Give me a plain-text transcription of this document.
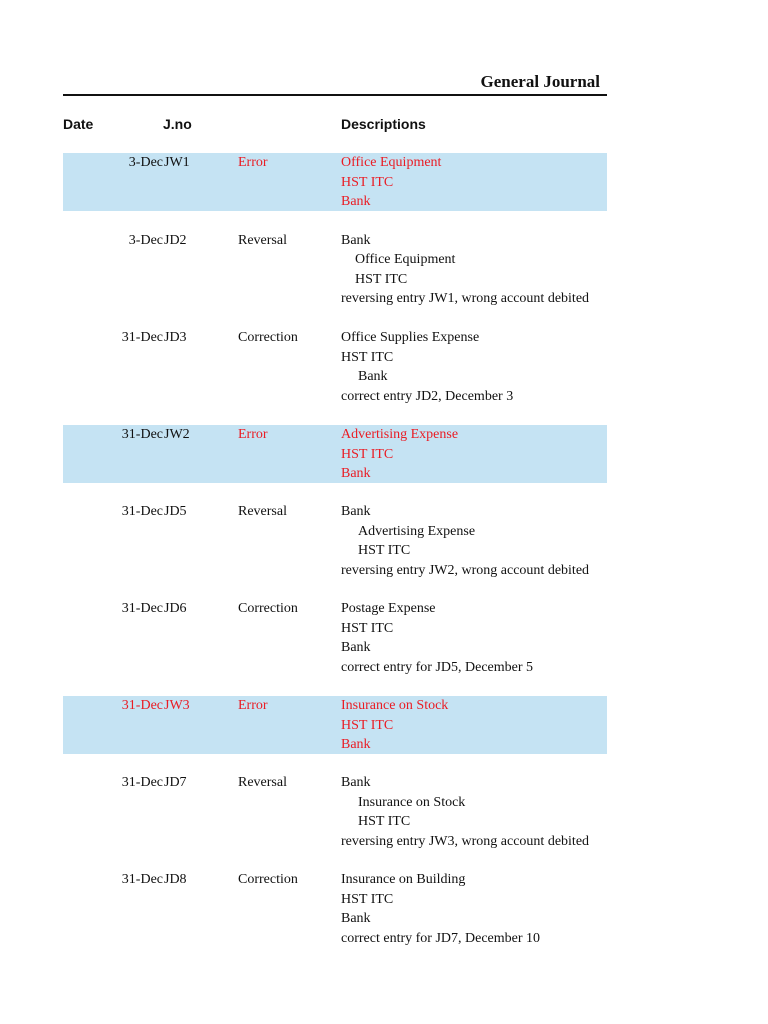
General Journal
Date	J.no	Descriptions
3-Dec JW1	Error	Office Equipment
HST ITC
Bank
3-Dec JD2	Reversal	Bank
Office Equipment
HST ITC
reversing entry JW1, wrong account debited
31-Dec JD3	Correction	Office Supplies Expense
HST ITC
Bank
correct entry JD2, December 3
31-Dec JW2	Error	Advertising Expense
HST ITC
Bank
31-Dec JD5	Reversal	Bank
Advertising Expense
HST ITC
reversing entry JW2, wrong account debited
31-Dec JD6	Correction	Postage Expense
HST ITC
Bank
correct entry for JD5, December 5
31-Dec JW3	Error	Insurance on Stock
HST ITC
Bank
31-Dec JD7	Reversal	Bank
Insurance on Stock
HST ITC
reversing entry JW3, wrong account debited
31-Dec JD8	Correction	Insurance on Building
HST ITC
Bank
correct entry for JD7, December 10
